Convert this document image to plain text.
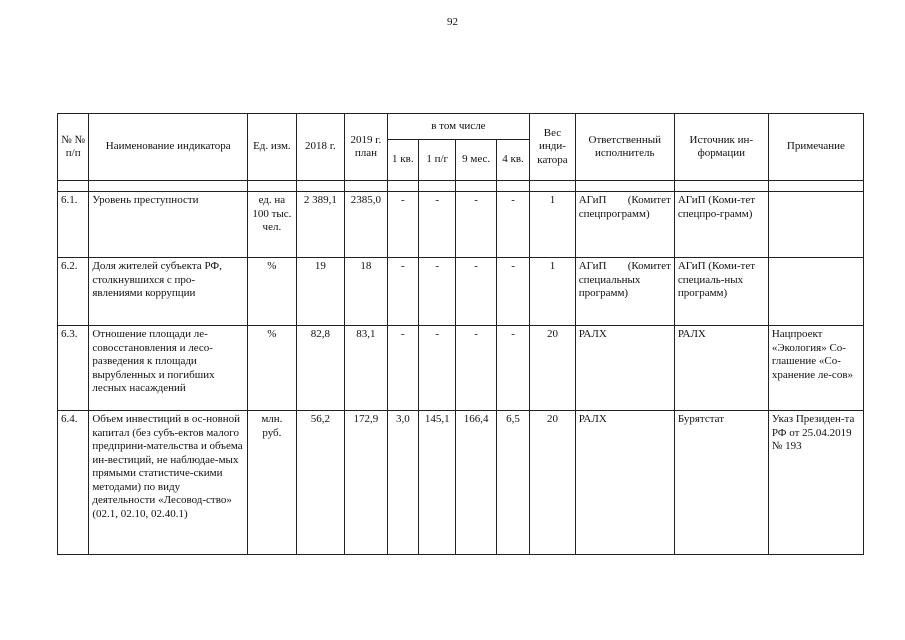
92
№ № п/п	Наименование индикатора	Ед. изм.	2018 г.	2019 г. план	в том числе				Вес инди-катора	Ответственный исполнитель	Источник ин-формации	Примечание
					1 кв.	1 п/г	9 мес.	4 кв.				

6.1.	Уровень преступности	ед. на 100 тыс. чел.	2 389,1	2385,0	-	-	-	-	1	АГиП (Комитет спецпрограмм)	АГиП (Коми-тет спецпро-грамм)	
6.2.	Доля жителей субъекта РФ, столкнувшихся с про-явлениями коррупции	%	19	18	-	-	-	-	1	АГиП (Комитет специальных программ)	АГиП (Коми-тет специаль-ных программ)	
6.3.	Отношение площади ле-совосстановления и лесо-разведения к площади вырубленных и погибших лесных насаждений	%	82,8	83,1	-	-	-	-	20	РАЛХ	РАЛХ	Нацпроект «Экология» Со-глашение «Со-хранение ле-сов»
6.4.	Объем инвестиций в ос-новной капитал (без субъ-ектов малого предприни-мательства и объема ин-вестиций, не наблюдае-мых прямыми статистиче-скими методами) по виду деятельности «Лесовод-ство» (02.1, 02.10, 02.40.1)	млн. руб.	56,2	172,9	3,0	145,1	166,4	6,5	20	РАЛХ	Бурятстат	Указ Президен-та РФ от 25.04.2019 № 193
